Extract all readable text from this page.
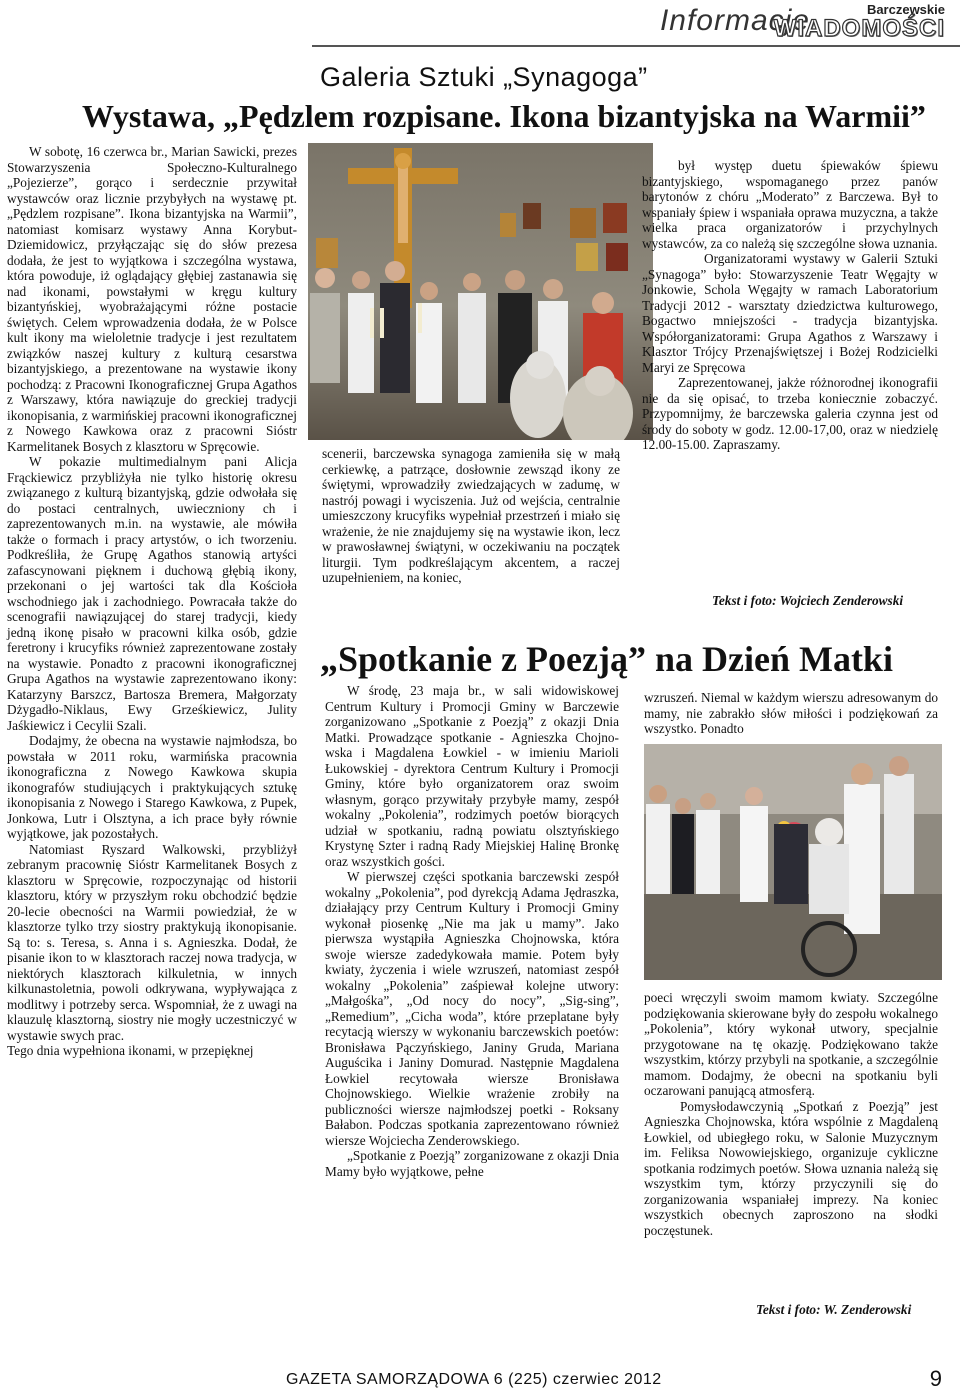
Informacje	Barczewskie
WIADOMOŚCI
Galeria Sztuki „Synagoga”
Wystawa, „Pędzlem rozpisane. Ikona bizantyjska na Warmii”

W sobotę, 16 czerwca br., Marian Sawicki, prezes Stowarzyszenia Społeczno-Kulturalnego „Pojezierze”, gorąco i serdecznie przywitał wystawców oraz licznie przybyłych na wystawę pt. „Pędzlem rozpisane”. Ikona bizantyjska na Warmii”, natomiast komisarz wystawy Anna Korybut-Dziemidowicz, przyłączając się do słów prezesa dodała, że jest to wyjątkowa i szczególna wystawa, która powoduje, iż oglądający głębiej zastanawia się nad ikonami, powstałymi w kręgu kultury bizantyńskiej, wyobrażającymi różne postacie świętych. Celem wprowadzenia dodała, że w Polsce kult ikony ma wieloletnie tradycje i jest rezultatem związków naszej kultury z kulturą cesarstwa bizantyjskiego, a prezentowane na wystawie ikony pochodzą: z Pracowni Ikonograficznej Grupa Agathos z Warszawy, która nawiązuje do greckiej tradycji ikonopisania, z warmińskiej pracowni ikonograficznej z Nowego Kawkowa oraz z pracowni Sióstr Karmelitanek Bosych z klasztoru w Spręcowie.

W pokazie multimedialnym pani Alicja Frąckiewicz przybliżyła nie tylko historię okresu związanego z kulturą bizantyjską, gdzie odwołała się do postaci centralnych, uwieczniony ch i zaprezentowanych m.in. na wystawie, ale mówiła także o formach i pracy artystów, o ich tworzeniu. Podkreśliła, że Grupę Agathos stanowią artyści zafascynowani pięknem i duchową głębią ikony, przekonani o jej wartości tak dla Kościoła wschodniego jak i zachodniego. Powracała także do scenografii nawiązującej do starej tradycji, kiedy jedną ikonę pisało w pracowni kilka osób, gdzie feretrony i krucyfiks również zaprezentowane zostały na wystawie. Ponadto z pracowni ikonograficznej Grupa Agathos na wystawie zaprezentowano ikony: Katarzyny Barszcz, Bartosza Bremera, Małgorzaty Dżygadło-Niklaus, Ewy Grześkiewicz, Julity Jaśkiewicz i Cecylii Szali.

Dodajmy, że obecna na wystawie najmłodsza, bo powstała w 2011 roku, warmińska pracownia ikonograficzna z Nowego Kawkowa skupia ikonografów studiujących i praktykujących sztukę ikonopisania z Nowego i Starego Kawkowa, z Pupek, Jonkowa, Lutr i Olsztyna, a ich prace były równie wyjątkowe, jak pozostałych.

Natomiast Ryszard Walkowski, przybliżył zebranym pracownię Sióstr Karmelitanek Bosych z klasztoru w Spręcowie, rozpoczynając od historii klasztoru, który w przyszłym roku obchodzić będzie 20-lecie obecności na Warmii powiedział, że w klasztorze tylko trzy siostry praktykują ikonopisanie. Są to: s. Teresa, s. Anna i s. Agnieszka. Dodał, że pisanie ikon to w klasztorach raczej nowa tradycja, w niektórych klasztorach kilkuletnia, w innych kilkunastoletnia, powoli odkrywana, wypływająca z modlitwy i potrzeby serca. Wspomniał, że z uwagi na klauzulę klasztorną, siostry nie mogły uczestniczyć w wystawie swych prac.

Tego dnia wypełniona ikonami, w przepięknej

scenerii, barczewska synagoga zamieniła się w małą cerkiewkę, a patrzące, dosłownie zewsząd ikony ze świętymi, wprowadziły zwiedzających w zadumę, w nastrój powagi i wyciszenia. Już od wejścia, centralnie umieszczony krucyfiks wypełniał przestrzeń i miało się wrażenie, że nie znajdujemy się na wystawie ikon, lecz w prawosławnej świątyni, w oczekiwaniu na początek liturgii. Tym podkreślającym akcentem, a raczej uzupełnieniem, na koniec,

był występ duetu śpiewaków śpiewu bizantyjskiego, wspomaganego przez panów barytonów z chóru „Moderato” z Barczewa. Był to wspaniały śpiew i wspaniała oprawa muzyczna, a także wielka praca organizatorów i przychylnych wystawców, za co należą się szczególne słowa uznania.

Organizatorami wystawy w Galerii Sztuki „Synagoga” było: Stowarzyszenie Teatr Węgajty w Jonkowie, Schola Węgajty w ramach Laboratorium Tradycji 2012 - warsztaty dziedzictwa kulturowego, Bogactwo mniejszości - tradycja bizantyjska. Współorganizatorami: Grupa Agathos z Warszawy i Klasztor Trójcy Przenajświętszej i Bożej Rodzicielki Maryi ze Spręcowa

Zaprezentowanej, jakże różnorodnej ikonografii nie da się opisać, to trzeba koniecznie zobaczyć. Przypomnijmy, że barczewska galeria czynna jest od środy do soboty w godz. 12.00-17,00, oraz w niedzielę 12.00-15.00. Zapraszamy.

Tekst i foto: Wojciech Zenderowski
„Spotkanie z Poezją” na Dzień Matki

W środę, 23 maja br., w sali widowiskowej Centrum Kultury i Promocji Gminy w Barczewie zorganizowano „Spotkanie z Poezją” z okazji Dnia Matki. Prowadzące spotkanie - Agnieszka Chojno-wska i Magdalena Łowkiel - w imieniu Marioli Łukowskiej - dyrektora Centrum Kultury i Promocji Gminy, które było organizatorem oraz swoim własnym, gorąco przywitały przybyłe mamy, zespół wokalny „Pokolenia”, rodzimych poetów biorących udział w spotkaniu, radną powiatu olsztyńskiego Krystynę Szter i radną Rady Miejskiej Halinę Bronkę oraz wszystkich gości.

W pierwszej części spotkania barczewski zespół wokalny „Pokolenia”, pod dyrekcją Adama Jędraszka, działający przy Centrum Kultury i Promocji Gminy wykonał piosenkę „Nie ma jak u mamy”. Jako pierwsza wystąpiła Agnieszka Chojnowska, która swoje wiersze zadedykowała mamie. Potem były kwiaty, życzenia i wiele wzruszeń, natomiast zespół wokalny „Pokolenia” zaśpiewał kolejne utwory: „Małgośka”, „Od nocy do nocy”, „Sig-sing”, „Remedium”, „Cicha woda”, które przeplatane były recytacją wierszy w wykonaniu barczewskich poetów: Bronisława Pączyńskiego, Janiny Gruda, Mariana Auguścika i Janiny Domurad. Następnie Magdalena Łowkiel recytowała wiersze Bronisława Chojnowskiego. Wielkie wrażenie zrobiły na publiczności wiersze najmłodszej poetki - Roksany Bałabon. Podczas spotkania zaprezentowano również wiersze Wojciecha Zenderowskiego.

„Spotkanie z Poezją” zorganizowane z okazji Dnia Mamy było wyjątkowe, pełne

wzruszeń. Niemal w każdym wierszu adresowanym do mamy, nie zabrakło słów miłości i podziękowań za wszystko. Ponadto

poeci wręczyli swoim mamom kwiaty. Szczególne podziękowania skierowane były do zespołu wokalnego „Pokolenia”, który wykonał utwory, specjalnie przygotowane na tę okazję. Podziękowano także wszystkim, którzy przybyli na spotkanie, a szczególnie mamom. Dodajmy, że obecni na spotkaniu byli oczarowani panującą atmosferą.

Pomysłodawczynią „Spotkań z Poezją” jest Agnieszka Chojnowska, która wspólnie z Magdaleną Łowkiel, od ubiegłego roku, w Salonie Muzycznym im. Feliksa Nowowiejskiego, organizuje cykliczne spotkania rodzimych poetów. Słowa uznania należą się wszystkim tym, którzy przyczynili się do zorganizowania wspaniałej imprezy. Na koniec wszystkich obecnych zaproszono na słodki poczęstunek.

Tekst i foto: W. Zenderowski
GAZETA SAMORZĄDOWA 6 (225) czerwiec 2012	9
